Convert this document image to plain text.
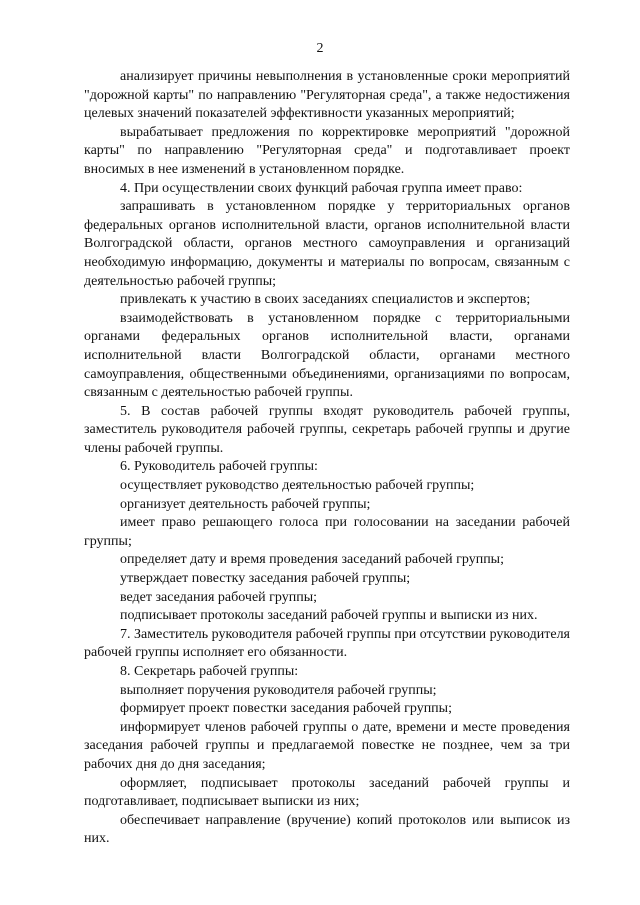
2

анализирует причины невыполнения в установленные сроки мероприятий "дорожной карты" по направлению "Регуляторная среда", а также недостижения целевых значений показателей эффективности указанных мероприятий;

вырабатывает предложения по корректировке мероприятий "дорожной карты" по направлению "Регуляторная среда" и подготавливает проект вносимых в нее изменений в установленном порядке.

4. При осуществлении своих функций рабочая группа имеет право:

запрашивать в установленном порядке у территориальных органов федеральных органов исполнительной власти, органов исполнительной власти Волгоградской области, органов местного самоуправления и организаций необходимую информацию, документы и материалы по вопросам, связанным с деятельностью рабочей группы;

привлекать к участию в своих заседаниях специалистов и экспертов;

взаимодействовать в установленном порядке с территориальными органами федеральных органов исполнительной власти, органами исполнительной власти Волгоградской области, органами местного самоуправления, общественными объединениями, организациями по вопросам, связанным с деятельностью рабочей группы.

5. В состав рабочей группы входят руководитель рабочей группы, заместитель руководителя рабочей группы, секретарь рабочей группы и другие члены рабочей группы.

6. Руководитель рабочей группы:

осуществляет руководство деятельностью рабочей группы;

организует деятельность рабочей группы;

имеет право решающего голоса при голосовании на заседании рабочей группы;

определяет дату и время проведения заседаний рабочей группы;

утверждает повестку заседания рабочей группы;

ведет заседания рабочей группы;

подписывает протоколы заседаний рабочей группы и выписки из них.

7. Заместитель руководителя рабочей группы при отсутствии руководителя рабочей группы исполняет его обязанности.

8. Секретарь рабочей группы:

выполняет поручения руководителя рабочей группы;

формирует проект повестки заседания рабочей группы;

информирует членов рабочей группы о дате, времени и месте проведения заседания рабочей группы и предлагаемой повестке не позднее, чем за три рабочих дня до дня заседания;

оформляет, подписывает протоколы заседаний рабочей группы и подготавливает, подписывает выписки из них;

обеспечивает направление (вручение) копий протоколов или выписок из них.
